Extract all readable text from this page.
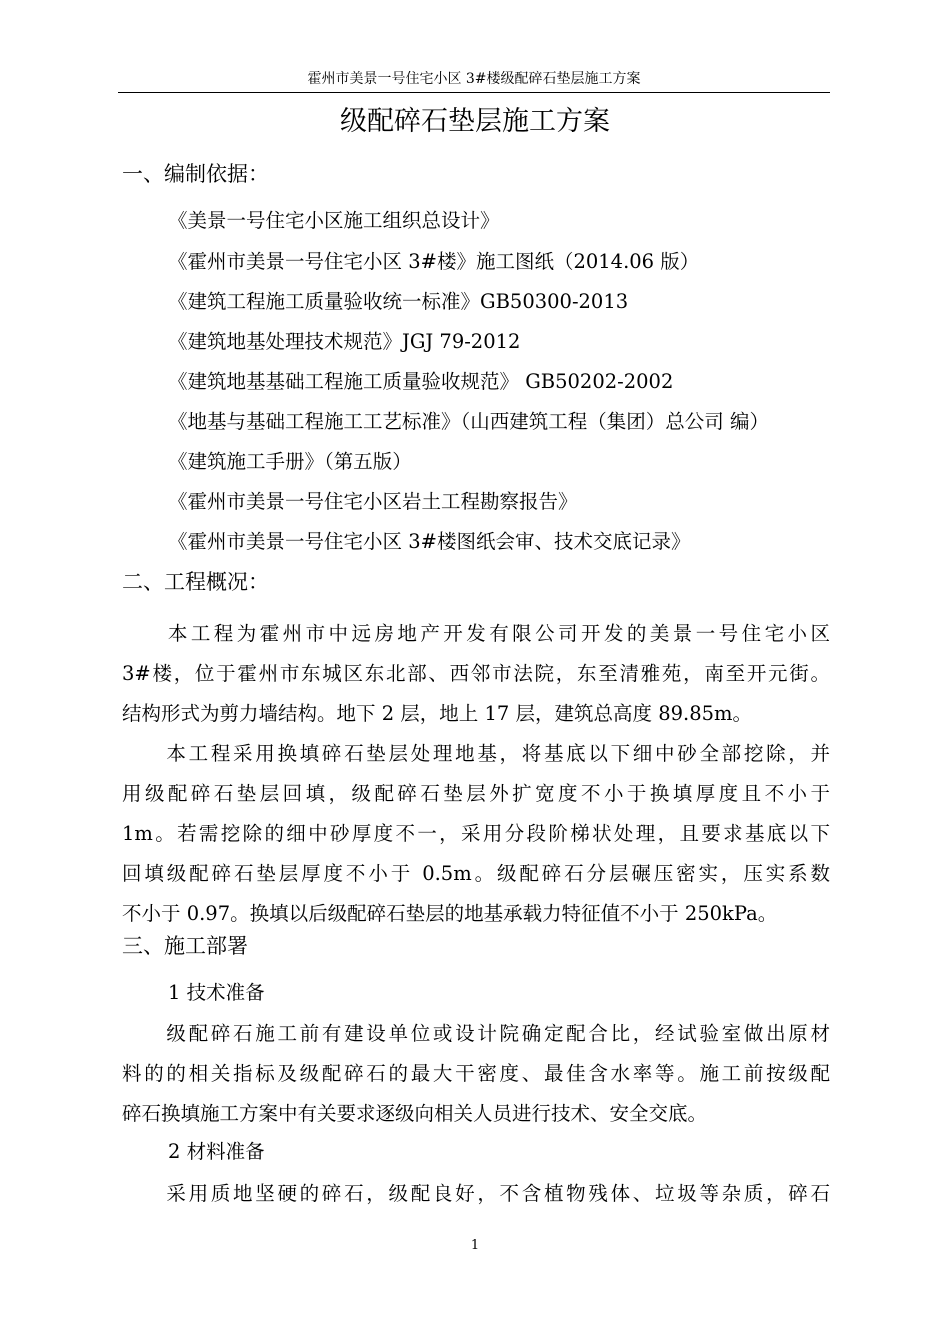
霍州市美景一号住宅小区 3#楼级配碎石垫层施工方案
级配碎石垫层施工方案
一、编制依据：
《美景一号住宅小区施工组织总设计》
《霍州市美景一号住宅小区 3#楼》施工图纸（2014.06 版）
《建筑工程施工质量验收统一标准》GB50300-2013
《建筑地基处理技术规范》JGJ 79-2012
《建筑地基基础工程施工质量验收规范》 GB50202-2002
《地基与基础工程施工工艺标准》（山西建筑工程（集团）总公司 编）
《建筑施工手册》（第五版）
《霍州市美景一号住宅小区岩土工程勘察报告》
《霍州市美景一号住宅小区 3#楼图纸会审、技术交底记录》
二、工程概况：
　　本工程为霍州市中远房地产开发有限公司开发的美景一号住宅小区
3#楼，位于霍州市东城区东北部、西邻市法院，东至清雅苑，南至开元街。
结构形式为剪力墙结构。地下 2 层，地上 17 层，建筑总高度 89.85m。
　　本工程采用换填碎石垫层处理地基，将基底以下细中砂全部挖除，并
用级配碎石垫层回填，级配碎石垫层外扩宽度不小于换填厚度且不小于
1m。若需挖除的细中砂厚度不一，采用分段阶梯状处理，且要求基底以下
回填级配碎石垫层厚度不小于 0.5m。级配碎石分层碾压密实，压实系数
不小于 0.97。换填以后级配碎石垫层的地基承载力特征值不小于 250kPa。
三、施工部署
1 技术准备
　　级配碎石施工前有建设单位或设计院确定配合比，经试验室做出原材
料的的相关指标及级配碎石的最大干密度、最佳含水率等。施工前按级配
碎石换填施工方案中有关要求逐级向相关人员进行技术、安全交底。
2 材料准备
　　采用质地坚硬的碎石，级配良好，不含植物残体、垃圾等杂质，碎石
1
